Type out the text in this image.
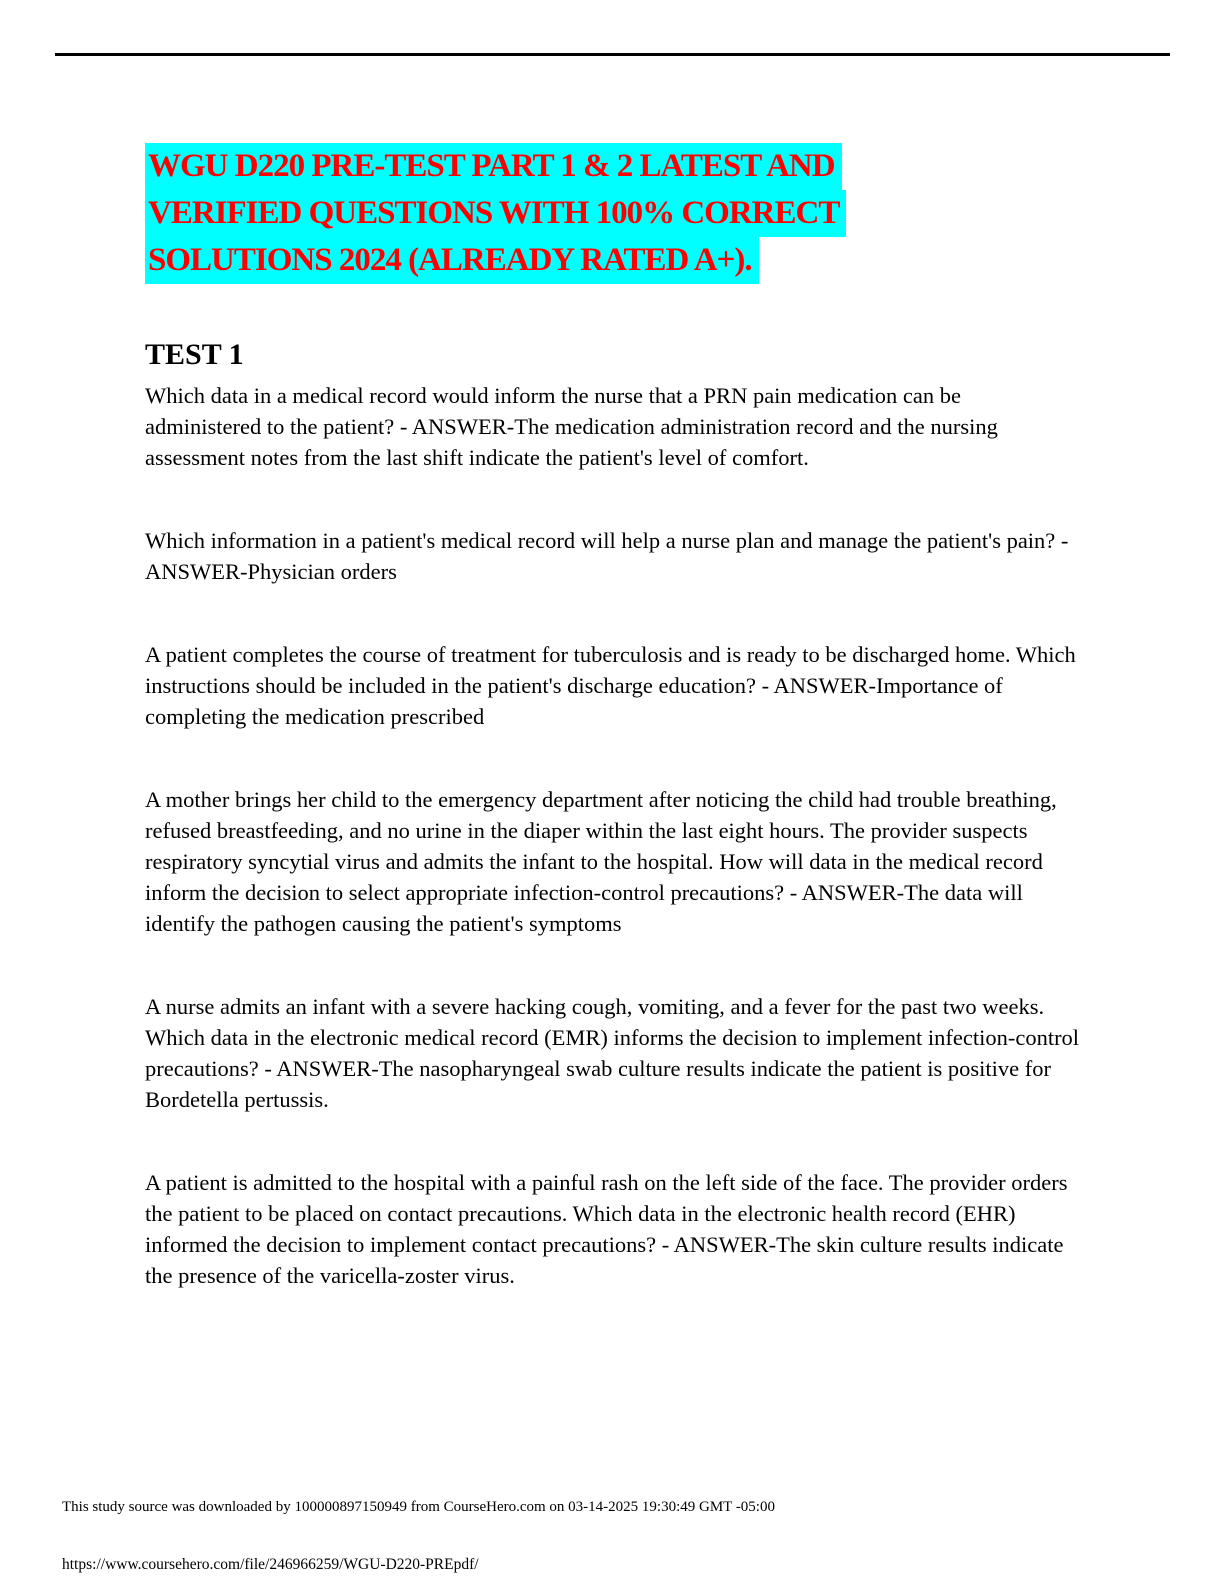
WGU D220 PRE-TEST PART 1 & 2 LATEST AND
VERIFIED QUESTIONS WITH 100% CORRECT
SOLUTIONS 2024 (ALREADY RATED A+).
TEST 1

Which data in a medical record would inform the nurse that a PRN pain medication can be administered to the patient? - ANSWER-The medication administration record and the nursing assessment notes from the last shift indicate the patient's level of comfort.

Which information in a patient's medical record will help a nurse plan and manage the patient's pain? - ANSWER-Physician orders

A patient completes the course of treatment for tuberculosis and is ready to be discharged home. Which instructions should be included in the patient's discharge education? - ANSWER-Importance of completing the medication prescribed

A mother brings her child to the emergency department after noticing the child had trouble breathing, refused breastfeeding, and no urine in the diaper within the last eight hours. The provider suspects respiratory syncytial virus and admits the infant to the hospital. How will data in the medical record inform the decision to select appropriate infection-control precautions? - ANSWER-The data will identify the pathogen causing the patient's symptoms

A nurse admits an infant with a severe hacking cough, vomiting, and a fever for the past two weeks. Which data in the electronic medical record (EMR) informs the decision to implement infection-control precautions? - ANSWER-The nasopharyngeal swab culture results indicate the patient is positive for Bordetella pertussis.

A patient is admitted to the hospital with a painful rash on the left side of the face. The provider orders the patient to be placed on contact precautions. Which data in the electronic health record (EHR) informed the decision to implement contact precautions? - ANSWER-The skin culture results indicate the presence of the varicella-zoster virus.

This study source was downloaded by 100000897150949 from CourseHero.com on 03-14-2025 19:30:49 GMT -05:00
https://www.coursehero.com/file/246966259/WGU-D220-PREpdf/
